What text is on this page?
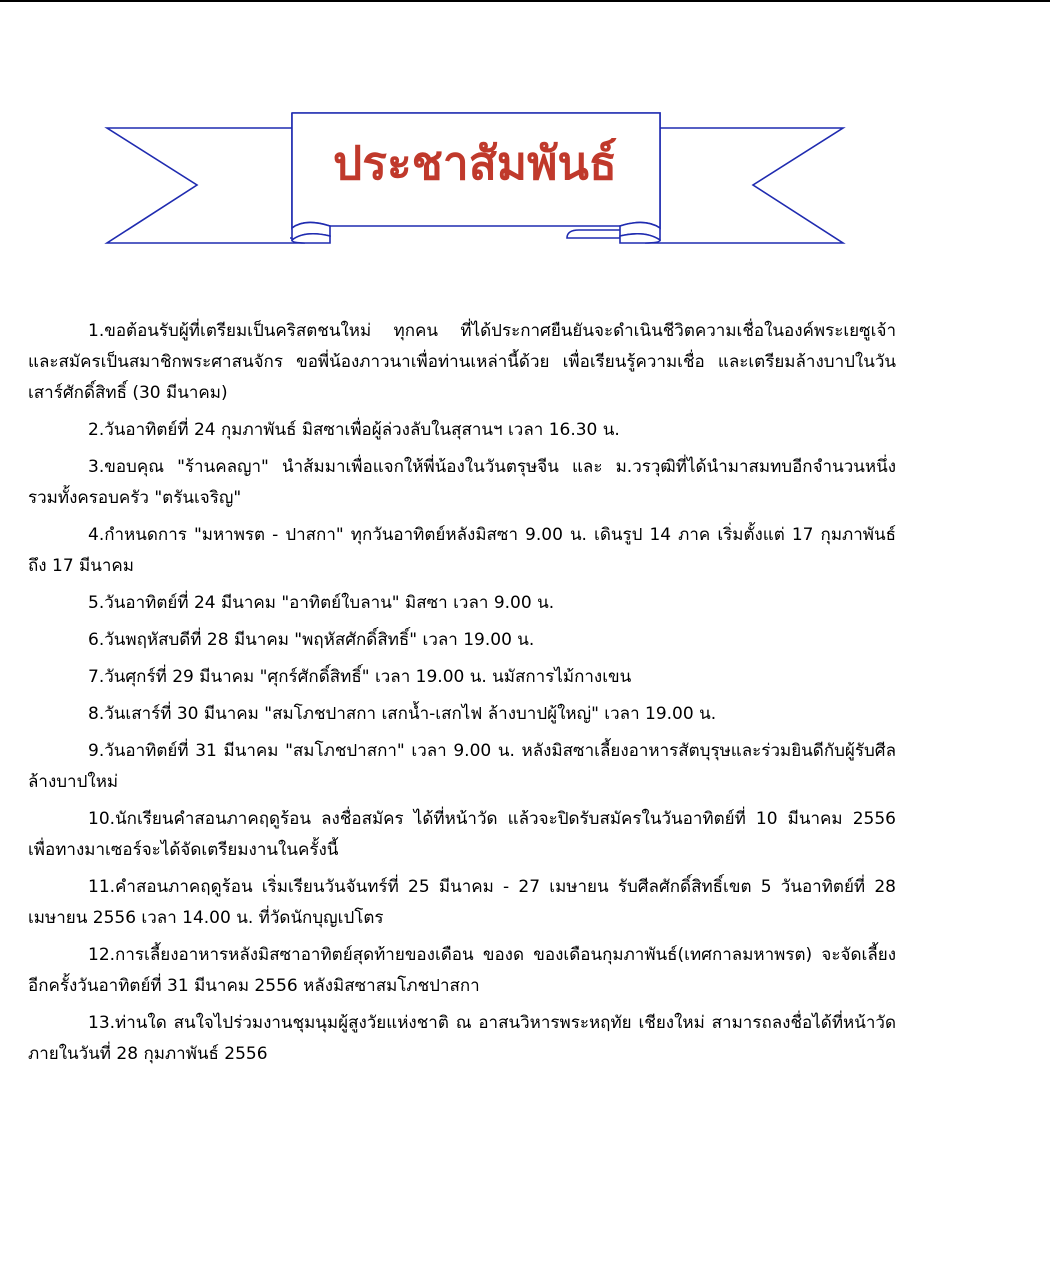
ประชาสัมพันธ์

1.ขอต้อนรับผู้ที่เตรียมเป็นคริสตชนใหม่ ทุกคน ที่ได้ประกาศยืนยันจะดำเนินชีวิตความเชื่อในองค์พระเยซูเจ้า และสมัครเป็นสมาชิกพระศาสนจักร ขอพี่น้องภาวนาเพื่อท่านเหล่านี้ด้วย เพื่อเรียนรู้ความเชื่อ และเตรียมล้างบาปในวันเสาร์ศักดิ์สิทธิ์ (30 มีนาคม)

2.วันอาทิตย์ที่ 24 กุมภาพันธ์ มิสซาเพื่อผู้ล่วงลับในสุสานฯ เวลา 16.30 น.

3.ขอบคุณ "ร้านคลญา" นำส้มมาเพื่อแจกให้พี่น้องในวันตรุษจีน และ ม.วรวุฒิที่ได้นำมาสมทบอีกจำนวนหนึ่ง รวมทั้งครอบครัว "ตรันเจริญ"

4.กำหนดการ "มหาพรต - ปาสกา" ทุกวันอาทิตย์หลังมิสซา 9.00 น. เดินรูป 14 ภาค เริ่มตั้งแต่ 17 กุมภาพันธ์ ถึง 17 มีนาคม

5.วันอาทิตย์ที่ 24 มีนาคม "อาทิตย์ใบลาน" มิสซา เวลา 9.00 น.

6.วันพฤหัสบดีที่ 28 มีนาคม "พฤหัสศักดิ์สิทธิ์" เวลา 19.00 น.

7.วันศุกร์ที่ 29 มีนาคม "ศุกร์ศักดิ์สิทธิ์" เวลา 19.00 น. นมัสการไม้กางเขน

8.วันเสาร์ที่ 30 มีนาคม "สมโภชปาสกา เสกน้ำ-เสกไฟ ล้างบาปผู้ใหญ่" เวลา 19.00 น.

9.วันอาทิตย์ที่ 31 มีนาคม "สมโภชปาสกา" เวลา 9.00 น. หลังมิสซาเลี้ยงอาหารสัตบุรุษและร่วมยินดีกับผู้รับศีลล้างบาปใหม่

10.นักเรียนคำสอนภาคฤดูร้อน ลงชื่อสมัคร ได้ที่หน้าวัด แล้วจะปิดรับสมัครในวันอาทิตย์ที่ 10 มีนาคม 2556 เพื่อทางมาเซอร์จะได้จัดเตรียมงานในครั้งนี้

11.คำสอนภาคฤดูร้อน เริ่มเรียนวันจันทร์ที่ 25 มีนาคม - 27 เมษายน รับศีลศักดิ์สิทธิ์เขต 5 วันอาทิตย์ที่ 28 เมษายน 2556 เวลา 14.00 น. ที่วัดนักบุญเปโตร

12.การเลี้ยงอาหารหลังมิสซาอาทิตย์สุดท้ายของเดือน ของด ของเดือนกุมภาพันธ์(เทศกาลมหาพรต) จะจัดเลี้ยงอีกครั้งวันอาทิตย์ที่ 31 มีนาคม 2556 หลังมิสซาสมโภชปาสกา

13.ท่านใด สนใจไปร่วมงานชุมนุมผู้สูงวัยแห่งชาติ ณ อาสนวิหารพระหฤทัย เชียงใหม่ สามารถลงชื่อได้ที่หน้าวัด ภายในวันที่ 28 กุมภาพันธ์ 2556
